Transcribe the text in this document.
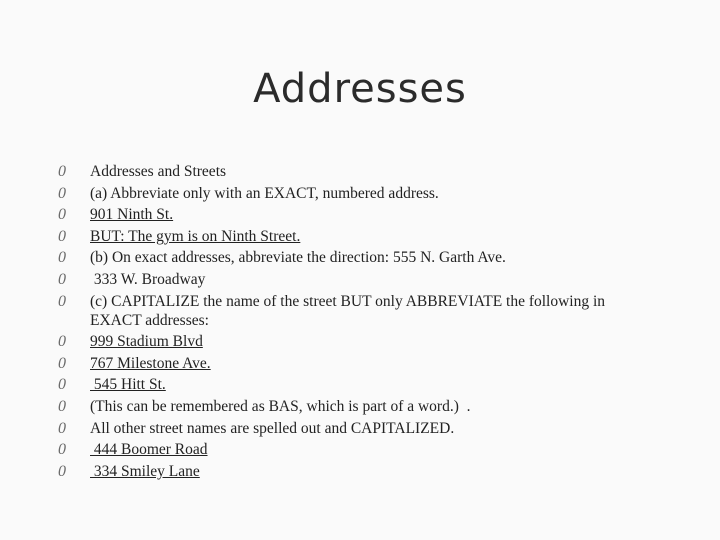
Addresses
0 Addresses and Streets
0 (a) Abbreviate only with an EXACT, numbered address.
0 901 Ninth St.
0 BUT: The gym is on Ninth Street.
0 (b) On exact addresses, abbreviate the direction: 555 N. Garth Ave.
0 333 W. Broadway
0 (c) CAPITALIZE the name of the street BUT only ABBREVIATE the following in EXACT addresses:
0 999 Stadium Blvd
0 767 Milestone Ave.
0 545 Hitt St.
0 (This can be remembered as BAS, which is part of a word.)  .
0 All other street names are spelled out and CAPITALIZED.
0 444 Boomer Road
0 334 Smiley Lane
